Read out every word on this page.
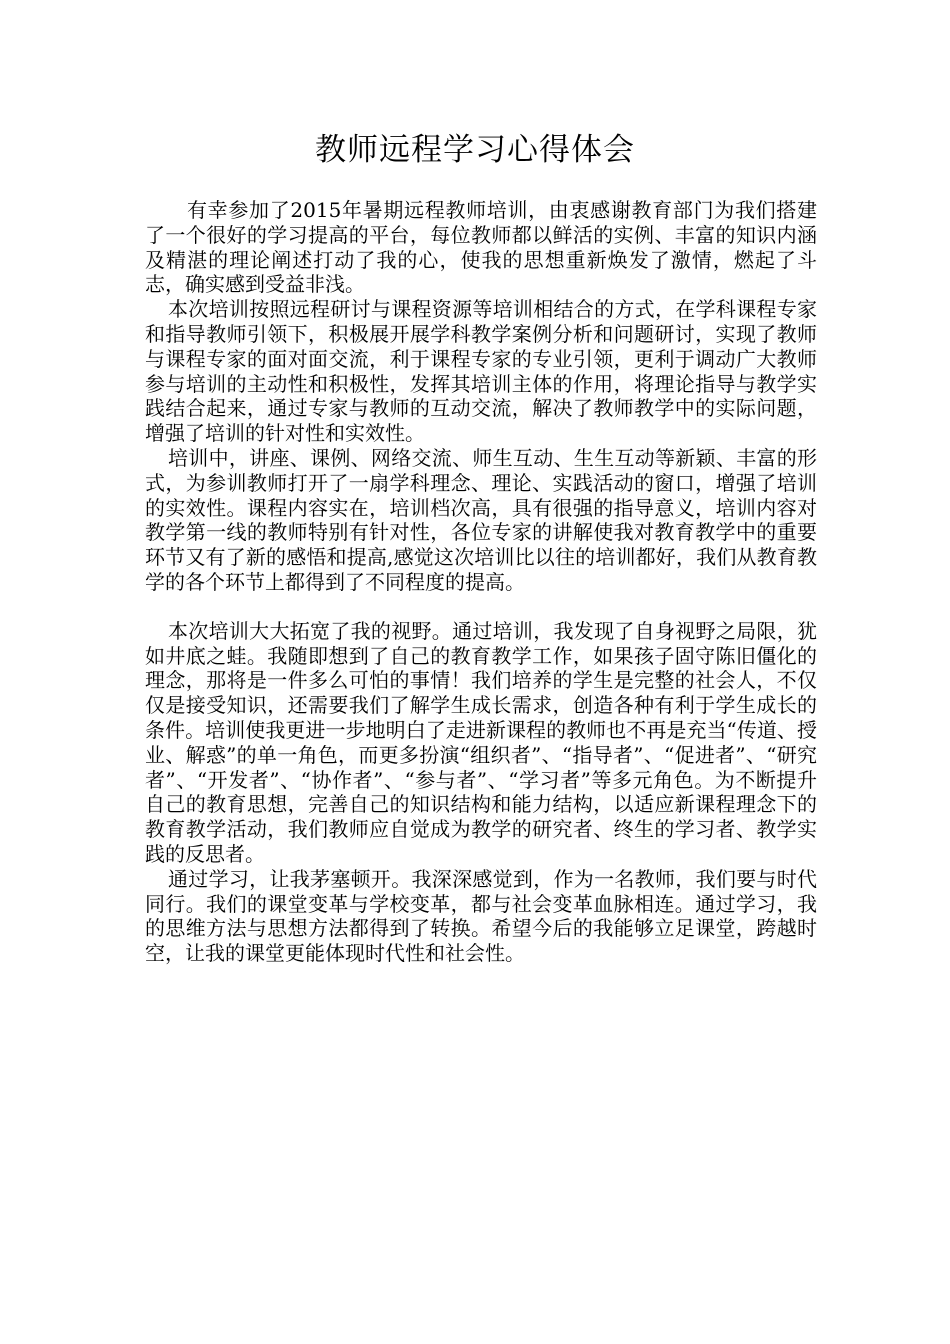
教师远程学习心得体会

有幸参加了2015年暑期远程教师培训，由衷感谢教育部门为我们搭建了一个很好的学习提高的平台，每位教师都以鲜活的实例、丰富的知识内涵及精湛的理论阐述打动了我的心，使我的思想重新焕发了激情，燃起了斗志，确实感到受益非浅。

本次培训按照远程研讨与课程资源等培训相结合的方式，在学科课程专家和指导教师引领下，积极展开展学科教学案例分析和问题研讨，实现了教师与课程专家的面对面交流，利于课程专家的专业引领，更利于调动广大教师参与培训的主动性和积极性，发挥其培训主体的作用，将理论指导与教学实践结合起来，通过专家与教师的互动交流，解决了教师教学中的实际问题，增强了培训的针对性和实效性。

培训中，讲座、课例、网络交流、师生互动、生生互动等新颖、丰富的形式，为参训教师打开了一扇学科理念、理论、实践活动的窗口，增强了培训的实效性。课程内容实在，培训档次高，具有很强的指导意义，培训内容对教学第一线的教师特别有针对性，各位专家的讲解使我对教育教学中的重要环节又有了新的感悟和提高,感觉这次培训比以往的培训都好，我们从教育教学的各个环节上都得到了不同程度的提高。

本次培训大大拓宽了我的视野。通过培训，我发现了自身视野之局限，犹如井底之蛙。我随即想到了自己的教育教学工作，如果孩子固守陈旧僵化的理念，那将是一件多么可怕的事情！我们培养的学生是完整的社会人，不仅仅是接受知识，还需要我们了解学生成长需求，创造各种有利于学生成长的条件。培训使我更进一步地明白了走进新课程的教师也不再是充当“传道、授业、解惑”的单一角色，而更多扮演“组织者”、“指导者”、“促进者”、“研究者”、“开发者”、“协作者”、“参与者”、“学习者”等多元角色。为不断提升自己的教育思想，完善自己的知识结构和能力结构，以适应新课程理念下的教育教学活动，我们教师应自觉成为教学的研究者、终生的学习者、教学实践的反思者。

通过学习，让我茅塞顿开。我深深感觉到，作为一名教师，我们要与时代同行。我们的课堂变革与学校变革，都与社会变革血脉相连。通过学习，我的思维方法与思想方法都得到了转换。希望今后的我能够立足课堂，跨越时空，让我的课堂更能体现时代性和社会性。
